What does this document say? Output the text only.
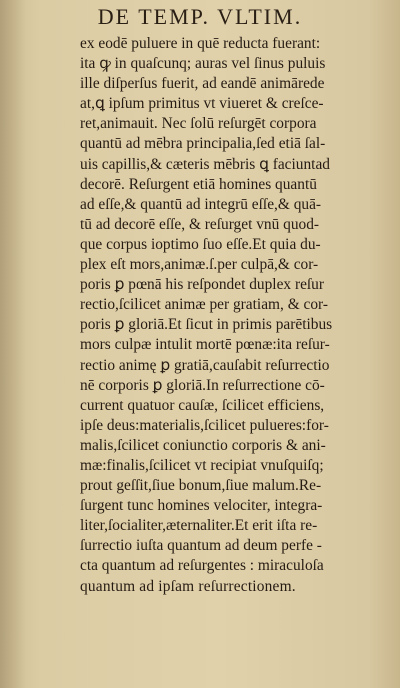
DE TEMP. VLTIM.
ex eodē puluere in quē reducta fuerant:
ita ꝙ in quaſcunq; auras vel ſinus puluis
ille diſperſus fuerit, ad eandē animārede
at,ꝗ ipſum primitus vt viueret & creſce-
ret,animauit. Nec ſolū reſurgēt corpora
quantū ad mēbra principalia,ſed etiā ſal-
uis capillis,& cæteris mēbris ꝗ faciuntad
decorē. Reſurgent etiā homines quantū
ad eſſe,& quantū ad integrū eſſe,& quā-
tū ad decorē eſſe, & reſurget vnū quod-
que corpus ioptimo ſuo eſſe.Et quia du-
plex eſt mors,animæ.ſ.per culpā,& cor-
poris ꝑ pœnā his reſpondet duplex reſur
rectio,ſcilicet animæ per gratiam, & cor-
poris ꝑ gloriā.Et ſicut in primis parētibus
mors culpæ intulit mortē pœnæ:ita reſur-
rectio animę ꝑ gratiā,cauſabit reſurrectio
nē corporis ꝑ gloriā.In reſurrectione cō-
current quatuor cauſæ, ſcilicet efficiens,
ipſe deus:materialis,ſcilicet pulueres:for-
malis,ſcilicet coniunctio corporis & ani-
mæ:finalis,ſcilicet vt recipiat vnuſquiſq;
prout geſſit,ſiue bonum,ſiue malum.Re-
ſurgent tunc homines velociter, integra-
liter,ſocialiter,æternaliter.Et erit iſta re-
ſurrectio iuſta quantum ad deum perfe -
cta quantum ad reſurgentes : miraculoſa
quantum ad ipſam reſurrectionem.
